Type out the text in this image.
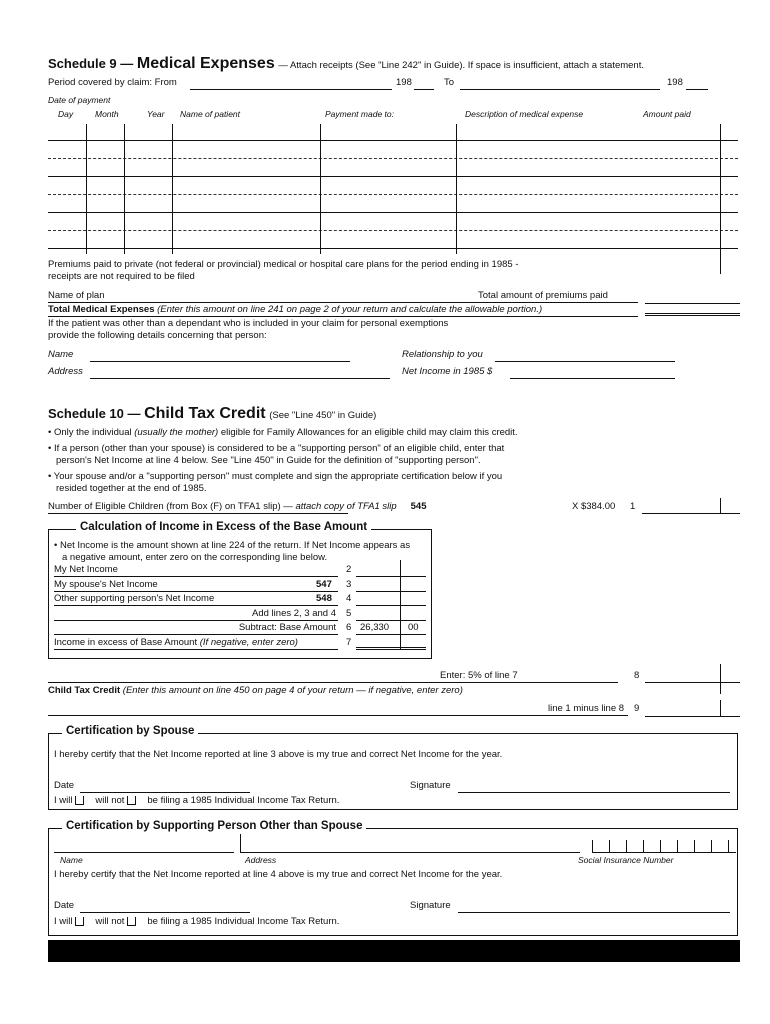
Schedule 9 — Medical Expenses — Attach receipts (See "Line 242" in Guide). If space is insufficient, attach a statement.
Period covered by claim: From	198	To	198
Date of payment
Day	Month	Year Name of patient	Payment made to:	Description of medical expense	Amount paid
Premiums paid to private (not federal or provincial) medical or hospital care plans for the period ending in 1985 -
receipts are not required to be filed
Name of plan	Total amount of premiums paid
Total Medical Expenses (Enter this amount on line 241 on page 2 of your return and calculate the allowable portion.)
If the patient was other than a dependant who is included in your claim for personal exemptions
provide the following details concerning that person:
Name	Relationship to you
Address	Net Income in 1985 $
Schedule 10 — Child Tax Credit (See "Line 450" in Guide)
• Only the individual (usually the mother) eligible for Family Allowances for an eligible child may claim this credit.
• If a person (other than your spouse) is considered to be a "supporting person" of an eligible child, enter that
person's Net Income at line 4 below. See "Line 450" in Guide for the definition of "supporting person".
• Your spouse and/or a "supporting person" must complete and sign the appropriate certification below if you
resided together at the end of 1985.
Number of Eligible Children (from Box (F) on TFA1 slip) — attach copy of TFA1 slip 545	X $384.00 1
Calculation of Income in Excess of the Base Amount
• Net Income is the amount shown at line 224 of the return. If Net Income appears as
a negative amount, enter zero on the corresponding line below.
My Net Income	2
My spouse's Net Income	547 3
Other supporting person's Net Income	548 4
Add lines 2, 3 and 4 5
Subtract: Base Amount 6 26,330 00
Income in excess of Base Amount (If negative, enter zero)	7
Enter: 5% of line 7	8
Child Tax Credit (Enter this amount on line 450 on page 4 of your return — if negative, enter zero)
line 1 minus line 8 9
Certification by Spouse
I hereby certify that the Net Income reported at line 3 above is my true and correct Net Income for the year.
Date	Signature
I will will not be filing a 1985 Individual Income Tax Return.
Certification by Supporting Person Other than Spouse
Name	Address	Social Insurance Number
I hereby certify that the Net Income reported at line 4 above is my true and correct Net Income for the year.
Date	Signature
I will will not be filing a 1985 Individual Income Tax Return.
